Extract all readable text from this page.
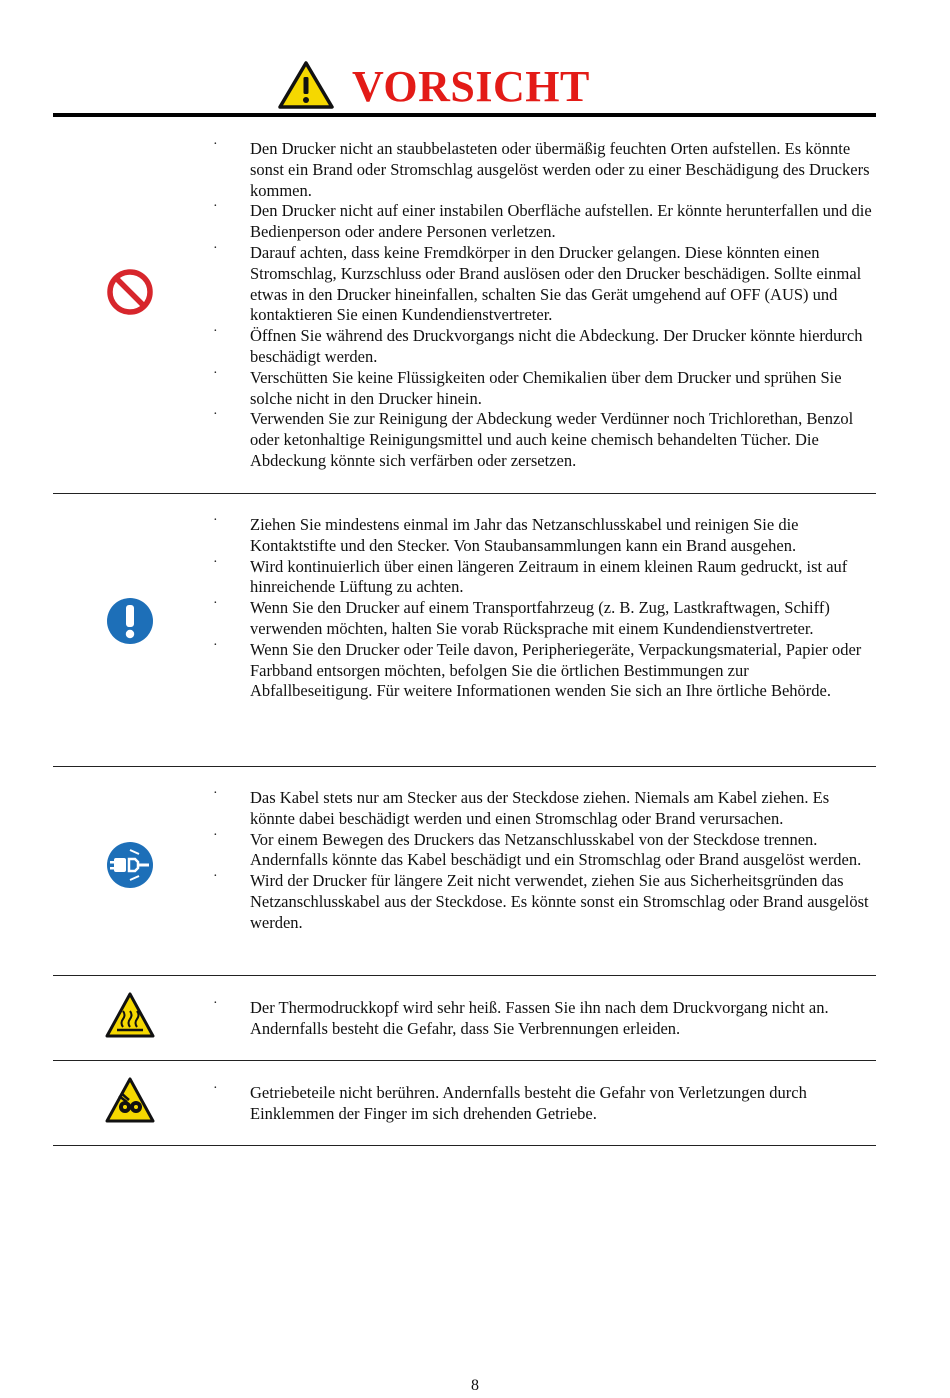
VORSICHT
· Den Drucker nicht an staubbelasteten oder übermäßig feuchten Orten aufstellen. Es könnte sonst ein Brand oder Stromschlag ausgelöst werden oder zu einer Beschädigung des Druckers kommen.
· Den Drucker nicht auf einer instabilen Oberfläche aufstellen. Er könnte herunterfallen und die Bedienperson oder andere Personen verletzen.
· Darauf achten, dass keine Fremdkörper in den Drucker gelangen. Diese könnten einen Stromschlag, Kurzschluss oder Brand auslösen oder den Drucker beschädigen. Sollte einmal etwas in den Drucker hineinfallen, schalten Sie das Gerät umgehend auf OFF (AUS) und kontaktieren Sie einen Kundendienstvertreter.
· Öffnen Sie während des Druckvorgangs nicht die Abdeckung. Der Drucker könnte hierdurch beschädigt werden.
· Verschütten Sie keine Flüssigkeiten oder Chemikalien über dem Drucker und sprühen Sie solche nicht in den Drucker hinein.
· Verwenden Sie zur Reinigung der Abdeckung weder Verdünner noch Trichlorethan, Benzol oder ketonhaltige Reinigungsmittel und auch keine chemisch behandelten Tücher. Die Abdeckung könnte sich verfärben oder zersetzen.
· Ziehen Sie mindestens einmal im Jahr das Netzanschlusskabel und reinigen Sie die Kontaktstifte und den Stecker. Von Staubansammlungen kann ein Brand ausgehen.
· Wird kontinuierlich über einen längeren Zeitraum in einem kleinen Raum gedruckt, ist auf hinreichende Lüftung zu achten.
· Wenn Sie den Drucker auf einem Transportfahrzeug (z. B. Zug, Lastkraftwagen, Schiff) verwenden möchten, halten Sie vorab Rücksprache mit einem Kundendienstvertreter.
· Wenn Sie den Drucker oder Teile davon, Peripheriegeräte, Verpackungsmaterial, Papier oder Farbband entsorgen möchten, befolgen Sie die örtlichen Bestimmungen zur Abfallbeseitigung. Für weitere Informationen wenden Sie sich an Ihre örtliche Behörde.
· Das Kabel stets nur am Stecker aus der Steckdose ziehen. Niemals am Kabel ziehen. Es könnte dabei beschädigt werden und einen Stromschlag oder Brand verursachen.
· Vor einem Bewegen des Druckers das Netzanschlusskabel von der Steckdose trennen. Andernfalls könnte das Kabel beschädigt und ein Stromschlag oder Brand ausgelöst werden.
· Wird der Drucker für längere Zeit nicht verwendet, ziehen Sie aus Sicherheitsgründen das Netzanschlusskabel aus der Steckdose. Es könnte sonst ein Stromschlag oder Brand ausgelöst werden.
· Der Thermodruckkopf wird sehr heiß. Fassen Sie ihn nach dem Druckvorgang nicht an. Andernfalls besteht die Gefahr, dass Sie Verbrennungen erleiden.
· Getriebeteile nicht berühren. Andernfalls besteht die Gefahr von Verletzungen durch Einklemmen der Finger im sich drehenden Getriebe.
8
